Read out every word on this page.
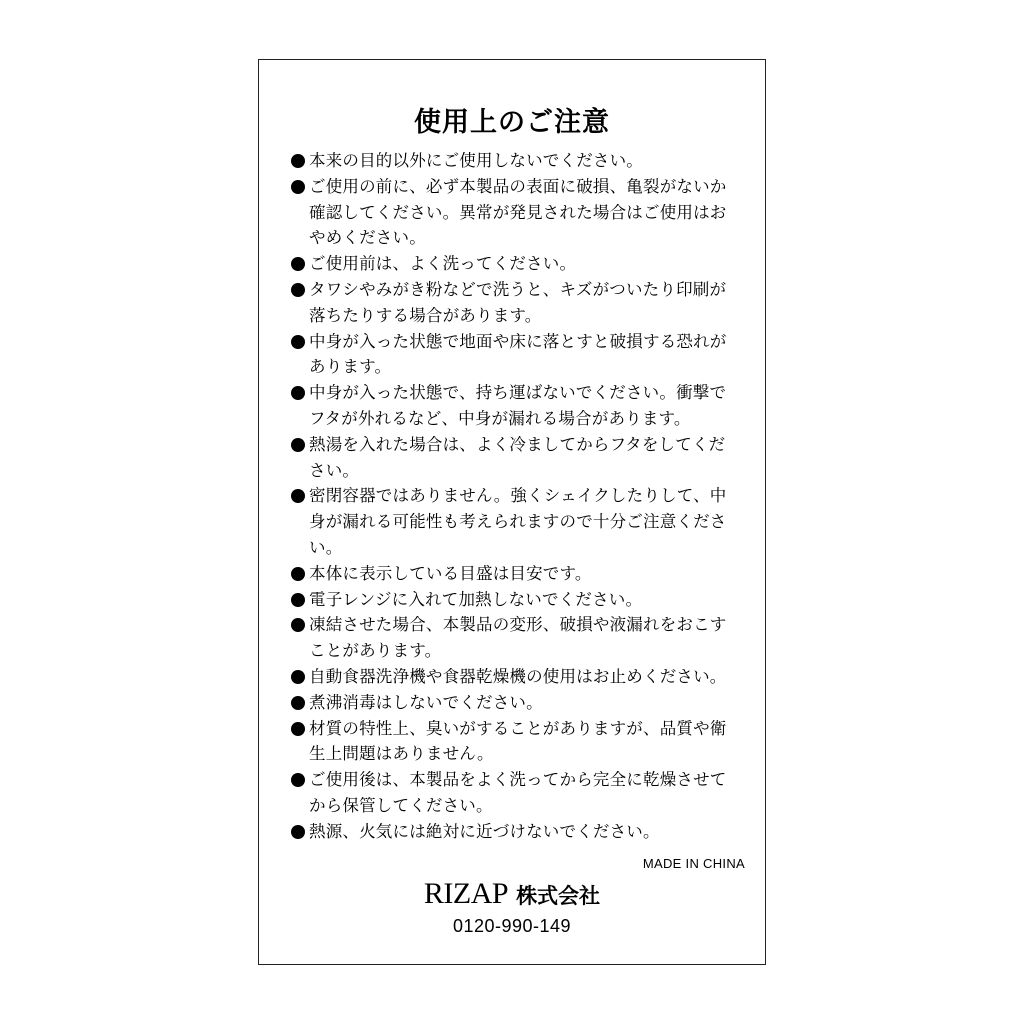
使用上のご注意
本来の目的以外にご使用しないでください。
ご使用の前に、必ず本製品の表面に破損、亀裂がないか確認してください。異常が発見された場合はご使用はおやめください。
ご使用前は、よく洗ってください。
タワシやみがき粉などで洗うと、キズがついたり印刷が落ちたりする場合があります。
中身が入った状態で地面や床に落とすと破損する恐れがあります。
中身が入った状態で、持ち運ばないでください。衝撃でフタが外れるなど、中身が漏れる場合があります。
熱湯を入れた場合は、よく冷ましてからフタをしてください。
密閉容器ではありません。強くシェイクしたりして、中身が漏れる可能性も考えられますので十分ご注意ください。
本体に表示している目盛は目安です。
電子レンジに入れて加熱しないでください。
凍結させた場合、本製品の変形、破損や液漏れをおこすことがあります。
自動食器洗浄機や食器乾燥機の使用はお止めください。
煮沸消毒はしないでください。
材質の特性上、臭いがすることがありますが、品質や衛生上問題はありません。
ご使用後は、本製品をよく洗ってから完全に乾燥させてから保管してください。
熱源、火気には絶対に近づけないでください。
MADE IN CHINA
RIZAP 株式会社
0120-990-149
